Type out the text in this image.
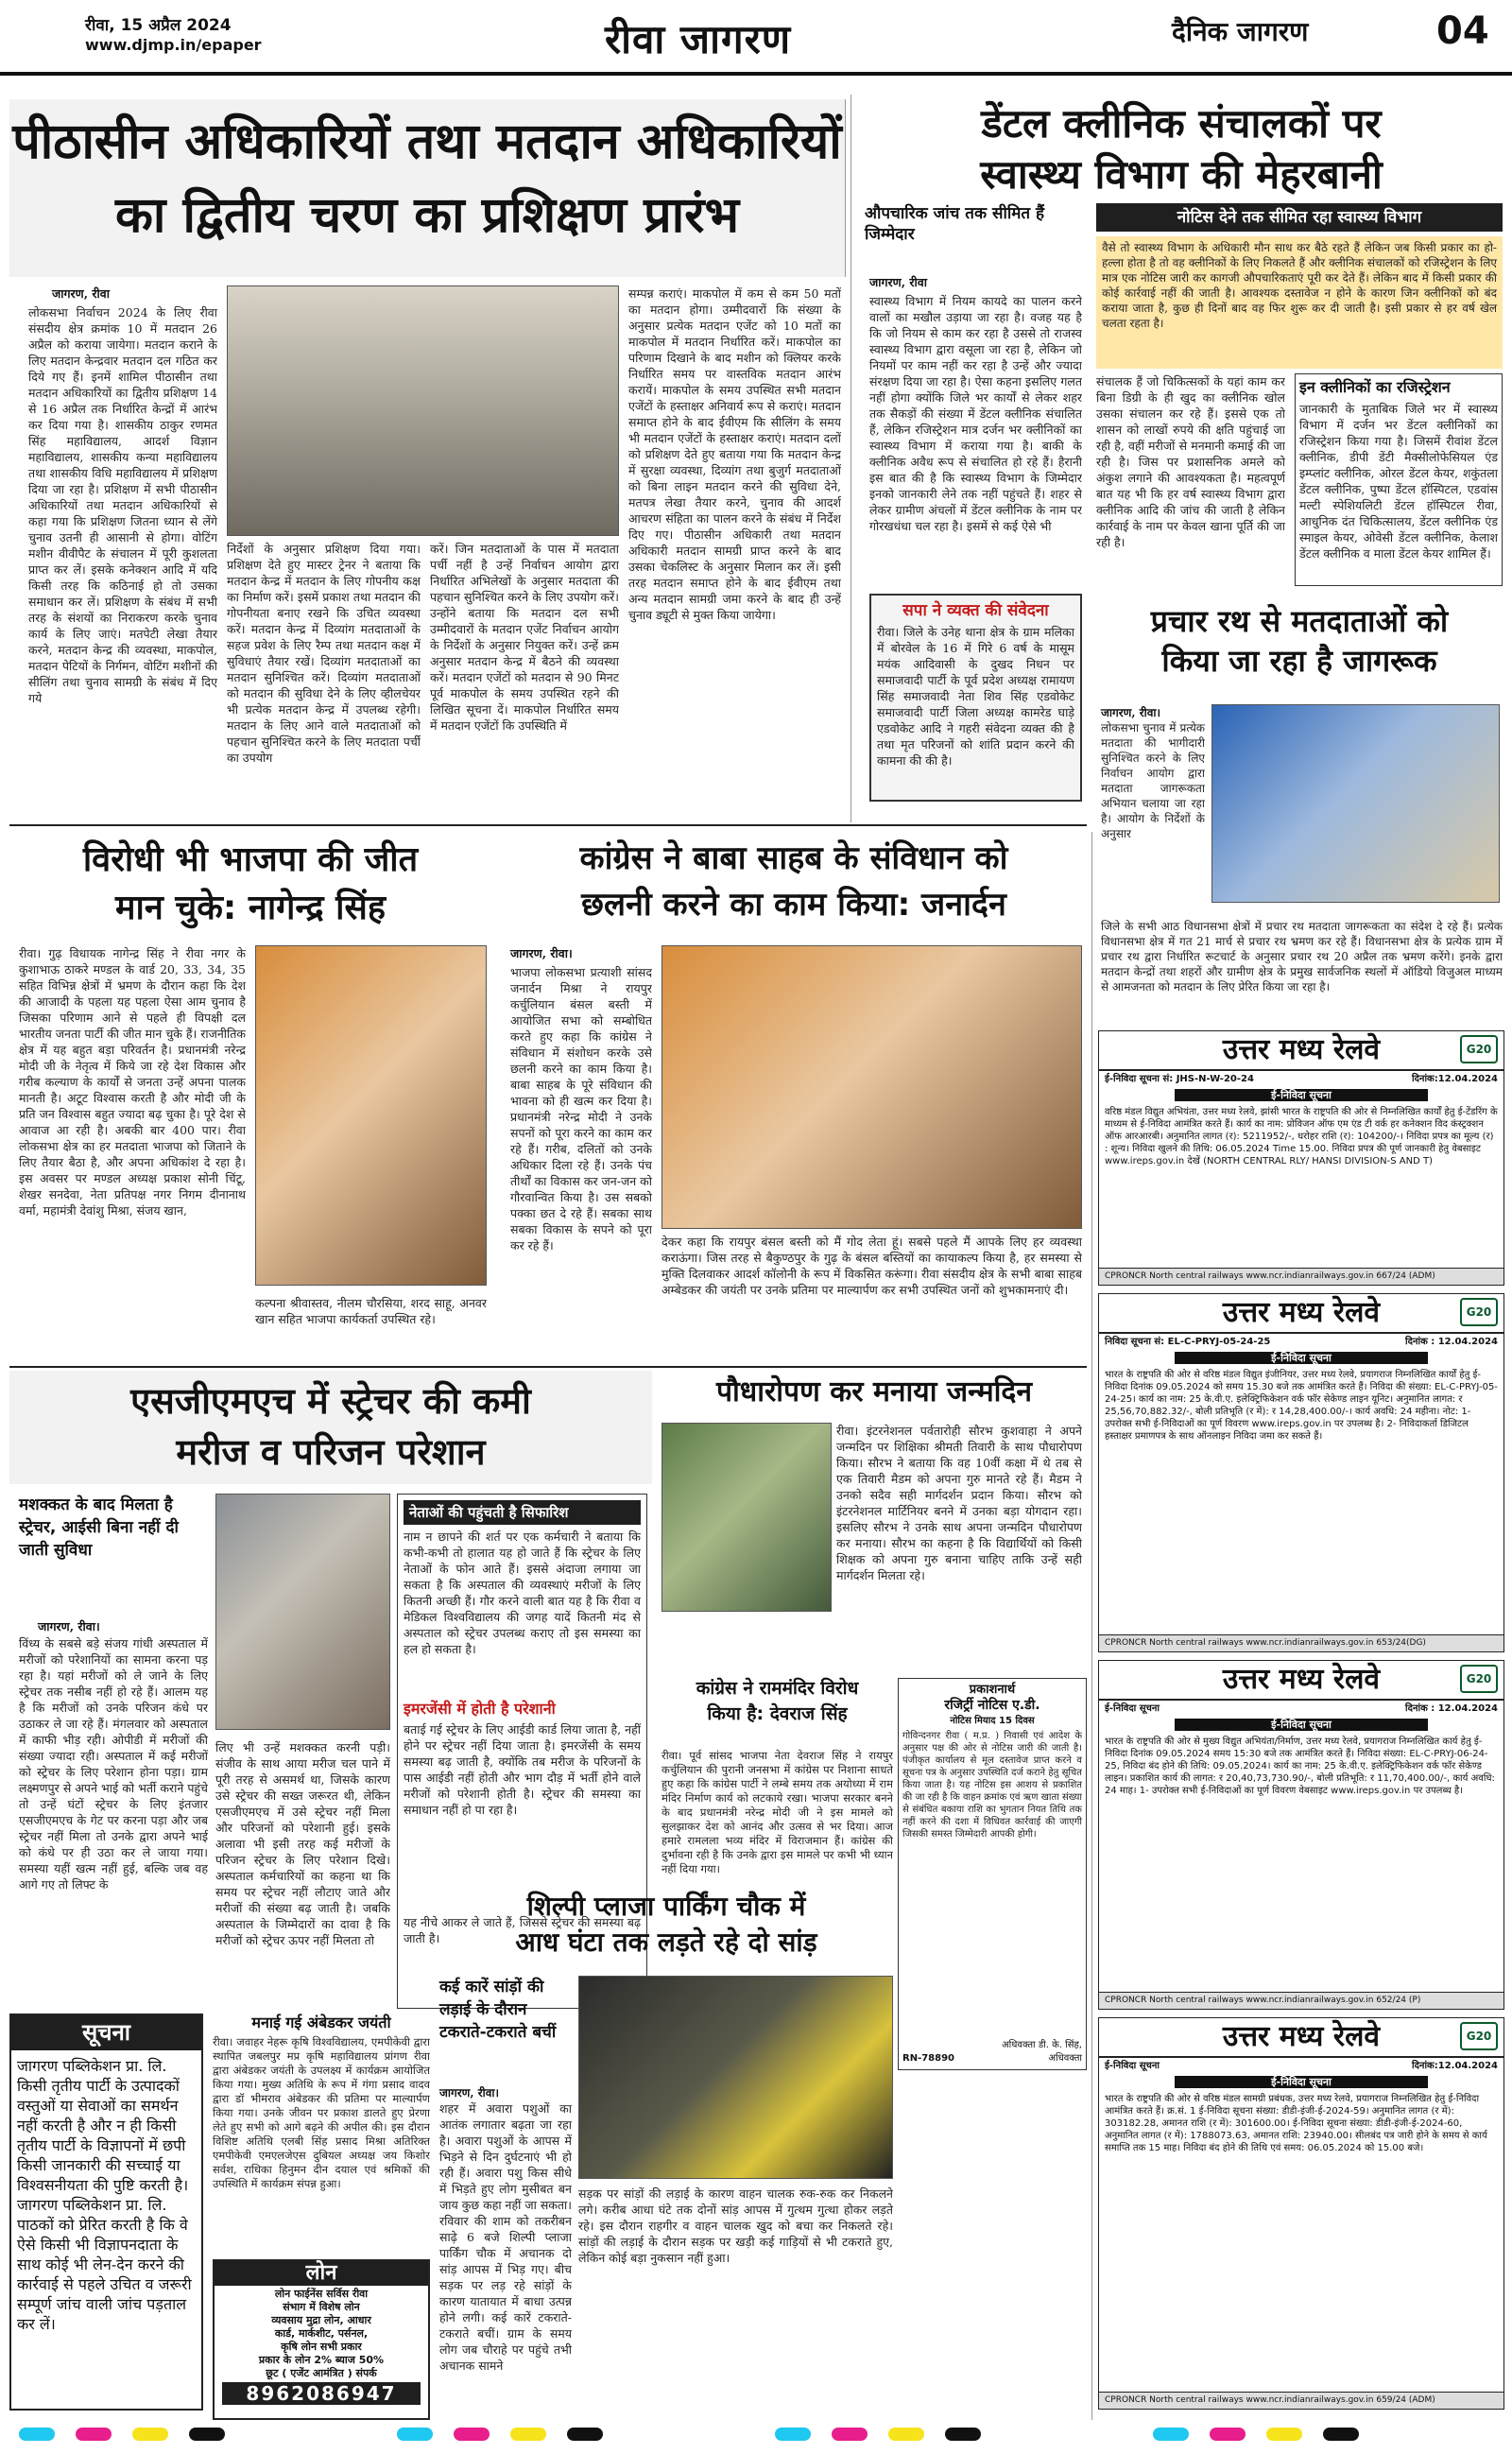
रीवा, 15 अप्रैल 2024
www.djmp.in/epaper	रीवा जागरण	दैनिक जागरण	04
पीठासीन अधिकारियों तथा मतदान अधिकारियों
का द्वितीय चरण का प्रशिक्षण प्रारंभ
जागरण, रीवा
लोकसभा निर्वाचन 2024 के लिए रीवा संसदीय क्षेत्र क्रमांक 10 में मतदान 26 अप्रैल को कराया जायेगा। मतदान कराने के लिए मतदान केन्द्रवार मतदान दल गठित कर दिये गए हैं। इनमें शामिल पीठासीन तथा मतदान अधिकारियों का द्वितीय प्रशिक्षण 14 से 16 अप्रैल तक निर्धारित केन्द्रों में आरंभ कर दिया गया है। शासकीय ठाकुर रणमत सिंह महाविद्यालय, आदर्श विज्ञान महाविद्यालय, शासकीय कन्या महाविद्यालय तथा शासकीय विधि महाविद्यालय में प्रशिक्षण दिया जा रहा है। प्रशिक्षण में सभी पीठासीन अधिकारियों तथा मतदान अधिकारियों से कहा गया कि प्रशिक्षण जितना ध्यान से लेंगे चुनाव उतनी ही आसानी से होगा। वोटिंग मशीन वीवीपैट के संचालन में पूरी कुशलता प्राप्त कर लें। इसके कनेक्शन आदि में यदि किसी तरह कि कठिनाई हो तो उसका समाधान कर लें। प्रशिक्षण के संबंध में सभी तरह के संशयों का निराकरण करके चुनाव कार्य के लिए जाएं। मतपेटी लेखा तैयार करने, मतदान केन्द्र की व्यवस्था, माकपोल, मतदान पेटियों के निर्गमन, वोटिंग मशीनों की सीलिंग तथा चुनाव सामग्री के संबंध में दिए गये
निर्देशों के अनुसार प्रशिक्षण दिया गया। प्रशिक्षण देते हुए मास्टर ट्रेनर ने बताया कि मतदान केन्द्र में मतदान के लिए गोपनीय कक्ष का निर्माण करें। इसमें प्रकाश तथा मतदान की गोपनीयता बनाए रखने कि उचित व्यवस्था करें। मतदान केन्द्र में दिव्यांग मतदाताओं के सहज प्रवेश के लिए रैम्प तथा मतदान कक्ष में सुविधाएं तैयार रखें। दिव्यांग मतदाताओं का मतदान सुनिश्चित करें। दिव्यांग मतदाताओं को मतदान की सुविधा देने के लिए व्हीलचेयर भी प्रत्येक मतदान केन्द्र में उपलब्ध रहेगी। मतदान के लिए आने वाले मतदाताओं को पहचान सुनिश्चित करने के लिए मतदाता पर्ची का उपयोग
करें। जिन मतदाताओं के पास में मतदाता पर्ची नहीं है उन्हें निर्वाचन आयोग द्वारा निर्धारित अभिलेखों के अनुसार मतदाता की पहचान सुनिश्चित करने के लिए उपयोग करें। उन्होंने बताया कि मतदान दल सभी उम्मीदवारों के मतदान एजेंट निर्वाचन आयोग के निर्देशों के अनुसार नियुक्त करें। उन्हें क्रम अनुसार मतदान केन्द्र में बैठने की व्यवस्था करें। मतदान एजेंटों को मतदान से 90 मिनट पूर्व माकपोल के समय उपस्थित रहने की लिखित सूचना दें। माकपोल निर्धारित समय में मतदान एजेंटों कि उपस्थिति में
सम्पन्न कराएं। माकपोल में कम से कम 50 मतों का मतदान होगा। उम्मीदवारों कि संख्या के अनुसार प्रत्येक मतदान एजेंट को 10 मतों का माकपोल में मतदान निर्धारित करें। माकपोल का परिणाम दिखाने के बाद मशीन को क्लियर करके निर्धारित समय पर वास्तविक मतदान आरंभ करायें। माकपोल के समय उपस्थित सभी मतदान एजेंटों के हस्ताक्षर अनिवार्य रूप से कराएं। मतदान समाप्त होने के बाद ईवीएम कि सीलिंग के समय भी मतदान एजेंटों के हस्ताक्षर कराएं। मतदान दलों को प्रशिक्षण देते हुए बताया गया कि मतदान केन्द्र में सुरक्षा व्यवस्था, दिव्यांग तथा बुजुर्ग मतदाताओं को बिना लाइन मतदान करने की सुविधा देने, मतपत्र लेखा तैयार करने, चुनाव की आदर्श आचरण संहिता का पालन करने के संबंध में निर्देश दिए गए। पीठासीन अधिकारी तथा मतदान अधिकारी मतदान सामग्री प्राप्त करने के बाद उसका चेकलिस्ट के अनुसार मिलान कर लें। इसी तरह मतदान समाप्त होने के बाद ईवीएम तथा अन्य मतदान सामग्री जमा करने के बाद ही उन्हें चुनाव ड्यूटी से मुक्त किया जायेगा।
डेंटल क्लीनिक संचालकों पर
स्वास्थ्य विभाग की मेहरबानी
औपचारिक जांच तक सीमित हैं जिम्मेदार
नोटिस देने तक सीमित रहा स्वास्थ्य विभाग
वैसे तो स्वास्थ्य विभाग के अधिकारी मौन साध कर बैठे रहते हैं लेकिन जब किसी प्रकार का हो-हल्ला होता है तो वह क्लीनिकों के लिए निकलते हैं और क्लीनिक संचालकों को रजिस्ट्रेशन के लिए मात्र एक नोटिस जारी कर कागजी औपचारिकताएं पूरी कर देते हैं। लेकिन बाद में किसी प्रकार की कोई कार्रवाई नहीं की जाती है। आवश्यक दस्तावेज न होने के कारण जिन क्लीनिकों को बंद कराया जाता है, कुछ ही दिनों बाद वह फिर शुरू कर दी जाती है। इसी प्रकार से हर वर्ष खेल चलता रहता है।
जागरण, रीवा
स्वास्थ्य विभाग में नियम कायदे का पालन करने वालों का मखौल उड़ाया जा रहा है। वजह यह है कि जो नियम से काम कर रहा है उससे तो राजस्व स्वास्थ्य विभाग द्वारा वसूला जा रहा है, लेकिन जो नियमों पर काम नहीं कर रहा है उन्हें और ज्यादा संरक्षण दिया जा रहा है। ऐसा कहना इसलिए गलत नहीं होगा क्योंकि जिले भर कार्यों से लेकर शहर तक सैकड़ों की संख्या में डेंटल क्लीनिक संचालित हैं, लेकिन रजिस्ट्रेशन मात्र दर्जन भर क्लीनिकों का स्वास्थ्य विभाग में कराया गया है। बाकी के क्लीनिक अवैध रूप से संचालित हो रहे हैं। हैरानी इस बात की है कि स्वास्थ्य विभाग के जिम्मेदार इनको जानकारी लेने तक नहीं पहुंचते हैं। शहर से लेकर ग्रामीण अंचलों में डेंटल क्लीनिक के नाम पर गोरखधंधा चल रहा है। इसमें से कई ऐसे भी
संचालक हैं जो चिकित्सकों के यहां काम कर बिना डिग्री के ही खुद का क्लीनिक खोल उसका संचालन कर रहे हैं। इससे एक तो शासन को लाखों रुपये की क्षति पहुंचाई जा रही है, वहीं मरीजों से मनमानी कमाई की जा रही है। जिस पर प्रशासनिक अमले को अंकुश लगाने की आवश्यकता है। महत्वपूर्ण बात यह भी कि हर वर्ष स्वास्थ्य विभाग द्वारा क्लीनिक आदि की जांच की जाती है लेकिन कार्रवाई के नाम पर केवल खाना पूर्ति की जा रही है।
इन क्लीनिकों का रजिस्ट्रेशन
जानकारी के मुताबिक जिले भर में स्वास्थ्य विभाग में दर्जन भर डेंटल क्लीनिकों का रजिस्ट्रेशन किया गया है। जिसमें रीवांश डेंटल क्लीनिक, डीपी डेंटी मैक्सीलोफेसियल एंड इम्प्लांट क्लीनिक, ओरल डेंटल केयर, शकुंतला डेंटल क्लीनिक, पुष्पा डेंटल हॉस्पिटल, एडवांस मल्टी स्पेशियलिटी डेंटल हॉस्पिटल रीवा, आधुनिक दंत चिकित्सालय, डेंटल क्लीनिक एंड स्माइल केयर, ओवेसी डेंटल क्लीनिक, केलाश डेंटल क्लीनिक व माला डेंटल केयर शामिल हैं।
सपा ने व्यक्त की संवेदना
रीवा। जिले के उनेह थाना क्षेत्र के ग्राम मलिका में बोरवेल के 16 में गिरे 6 वर्ष के मासूम मयंक आदिवासी के दुखद निधन पर समाजवादी पार्टी के पूर्व प्रदेश अध्यक्ष रामायण सिंह समाजवादी नेता शिव सिंह एडवोकेट समाजवादी पार्टी जिला अध्यक्ष कामरेड घाड़े एडवोकेट आदि ने गहरी संवेदना व्यक्त की है तथा मृत परिजनों को शांति प्रदान करने की कामना की की है।
प्रचार रथ से मतदाताओं को
किया जा रहा है जागरूक
जागरण, रीवा।
लोकसभा चुनाव में प्रत्येक मतदाता की भागीदारी सुनिश्चित करने के लिए निर्वाचन आयोग द्वारा मतदाता जागरूकता अभियान चलाया जा रहा है। आयोग के निर्देशों के अनुसार
जिले के सभी आठ विधानसभा क्षेत्रों में प्रचार रथ मतदाता जागरूकता का संदेश दे रहे हैं। प्रत्येक विधानसभा क्षेत्र में गत 21 मार्च से प्रचार रथ भ्रमण कर रहे हैं। विधानसभा क्षेत्र के प्रत्येक ग्राम में प्रचार रथ द्वारा निर्धारित रूटचार्ट के अनुसार प्रचार रथ 20 अप्रैल तक भ्रमण करेंगे। इनके द्वारा मतदान केन्द्रों तथा शहरों और ग्रामीण क्षेत्र के प्रमुख सार्वजनिक स्थलों में ऑडियो विजुअल माध्यम से आमजनता को मतदान के लिए प्रेरित किया जा रहा है।
विरोधी भी भाजपा की जीत
मान चुके: नागेन्द्र सिंह
रीवा। गुढ़ विधायक नागेन्द्र सिंह ने रीवा नगर के कुशाभाऊ ठाकरे मण्डल के वार्ड 20, 33, 34, 35 सहित विभिन्न क्षेत्रों में भ्रमण के दौरान कहा कि देश की आजादी के पहला यह पहला ऐसा आम चुनाव है जिसका परिणाम आने से पहले ही विपक्षी दल भारतीय जनता पार्टी की जीत मान चुके हैं। राजनीतिक क्षेत्र में यह बहुत बड़ा परिवर्तन है। प्रधानमंत्री नरेन्द्र मोदी जी के नेतृत्व में किये जा रहे देश विकास और गरीब कल्याण के कार्यों से जनता उन्हें अपना पालक मानती है। अटूट विश्वास करती है और मोदी जी के प्रति जन विश्वास बहुत ज्यादा बढ़ चुका है। पूरे देश से आवाज आ रही है। अबकी बार 400 पार। रीवा लोकसभा क्षेत्र का हर मतदाता भाजपा को जिताने के लिए तैयार बैठा है, और अपना अधिकांश दे रहा है। इस अवसर पर मण्डल अध्यक्ष प्रकाश सोनी चिंटू, शेखर सनदेवा, नेता प्रतिपक्ष नगर निगम दीनानाथ वर्मा, महामंत्री देवांशु मिश्रा, संजय खान,
कल्पना श्रीवास्तव, नीलम चौरसिया, शरद साहू, अनवर खान सहित भाजपा कार्यकर्ता उपस्थित रहे।
कांग्रेस ने बाबा साहब के संविधान को
छलनी करने का काम किया: जनार्दन
जागरण, रीवा।
भाजपा लोकसभा प्रत्याशी सांसद जनार्दन मिश्रा ने रायपुर कर्चुलियान बंसल बस्ती में आयोजित सभा को सम्बोधित करते हुए कहा कि कांग्रेस ने संविधान में संशोधन करके उसे छलनी करने का काम किया है। बाबा साहब के पूरे संविधान की भावना को ही खत्म कर दिया है। प्रधानमंत्री नरेन्द्र मोदी ने उनके सपनों को पूरा करने का काम कर रहे हैं। गरीब, दलितों को उनके अधिकार दिला रहे हैं। उनके पंच तीर्थों का विकास कर जन-जन को गौरवान्वित किया है। उस सबको पक्का छत दे रहे हैं। सबका साथ सबका विकास के सपने को पूरा कर रहे हैं।	देकर कहा कि रायपुर बंसल बस्ती को मैं गोद लेता हूं। सबसे पहले मैं आपके लिए हर व्यवस्था कराऊंगा। जिस तरह से बैकुण्ठपुर के गुढ़ के बंसल बस्तियों का कायाकल्प किया है, हर समस्या से मुक्ति दिलवाकर आदर्श कॉलोनी के रूप में विकसित करूंगा। रीवा संसदीय क्षेत्र के सभी बाबा साहब अम्बेडकर की जयंती पर उनके प्रतिमा पर माल्यार्पण कर सभी उपस्थित जनों को शुभकामनाएं दी।
एसजीएमएच में स्ट्रेचर की कमी
मरीज व परिजन परेशान
मशक्कत के बाद मिलता है स्ट्रेचर, आईसी बिना नहीं दी जाती सुविधा
जागरण, रीवा।
विंध्य के सबसे बड़े संजय गांधी अस्पताल में मरीजों को परेशानियों का सामना करना पड़ रहा है। यहां मरीजों को ले जाने के लिए स्ट्रेचर तक नसीब नहीं हो रहे हैं। आलम यह है कि मरीजों को उनके परिजन कंधे पर उठाकर ले जा रहे हैं। मंगलवार को अस्पताल में काफी भीड़ रही। ओपीडी में मरीजों की संख्या ज्यादा रही। अस्पताल में कई मरीजों को स्ट्रेचर के लिए परेशान होना पड़ा। ग्राम लक्ष्मणपुर से अपने भाई को भर्ती कराने पहुंचे तो उन्हें घंटों स्ट्रेचर के लिए इंतजार एसजीएमएच के गेट पर करना पड़ा और जब स्ट्रेचर नहीं मिला तो उनके द्वारा अपने भाई को कंधे पर ही उठा कर ले जाया गया। समस्या यहीं खत्म नहीं हुई, बल्कि जब वह आगे गए तो लिफ्ट के
लिए भी उन्हें मशक्कत करनी पड़ी। संजीव के साथ आया मरीज चल पाने में पूरी तरह से असमर्थ था, जिसके कारण उसे स्ट्रेचर की सख्त जरूरत थी, लेकिन एसजीएमएच में उसे स्ट्रेचर नहीं मिला और परिजनों को परेशानी हुई। इसके अलावा भी इसी तरह कई मरीजों के परिजन स्ट्रेचर के लिए परेशान दिखे। अस्पताल कर्मचारियों का कहना था कि समय पर स्ट्रेचर नहीं लौटाए जाते और मरीजों की संख्या बढ़ जाती है। जबकि अस्पताल के जिम्मेदारों का दावा है कि मरीजों को स्ट्रेचर ऊपर नहीं मिलता तो
नेताओं की पहुंचती है सिफारिश
नाम न छापने की शर्त पर एक कर्मचारी ने बताया कि कभी-कभी तो हालात यह हो जाते हैं कि स्ट्रेचर के लिए नेताओं के फोन आते हैं। इससे अंदाजा लगाया जा सकता है कि अस्पताल की व्यवस्थाएं मरीजों के लिए कितनी अच्छी हैं। गौर करने वाली बात यह है कि रीवा व मेडिकल विश्वविद्यालय की जगह यादें कितनी मंद से अस्पताल को स्ट्रेचर उपलब्ध कराए तो इस समस्या का हल हो सकता है।
इमरजेंसी में होती है परेशानी
बताई गई स्ट्रेचर के लिए आईडी कार्ड लिया जाता है, नहीं होने पर स्ट्रेचर नहीं दिया जाता है। इमरजेंसी के समय समस्या बढ़ जाती है, क्योंकि तब मरीज के परिजनों के पास आईडी नहीं होती और भाग दौड़ में भर्ती होने वाले मरीजों को परेशानी होती है। स्ट्रेचर की समस्या का समाधान नहीं हो पा रहा है।
यह नीचे आकर ले जाते हैं, जिससे स्ट्रेचर की समस्या बढ़ जाती है।
सूचना
जागरण पब्लिकेशन प्रा. लि. किसी तृतीय पार्टी के उत्पादकों वस्तुओं या सेवाओं का समर्थन नहीं करती है और न ही किसी तृतीय पार्टी के विज्ञापनों में छपी किसी जानकारी की सच्चाई या विश्वसनीयता की पुष्टि करती है। जागरण पब्लिकेशन प्रा. लि. पाठकों को प्रेरित करती है कि वे ऐसे किसी भी विज्ञापनदाता के साथ कोई भी लेन-देन करने की कार्रवाई से पहले उचित व जरूरी सम्पूर्ण जांच वाली जांच पड़ताल कर लें।
मनाई गई अंबेडकर जयंती
रीवा। जवाहर नेहरू कृषि विश्वविद्यालय, एमपीकेवी द्वारा स्थापित जबलपुर मप्र कृषि महाविद्यालय प्रांगण रीवा द्वारा अंबेडकर जयंती के उपलक्ष्य में कार्यक्रम आयोजित किया गया। मुख्य अतिथि के रूप में गंगा प्रसाद वादव द्वारा डॉ भीमराव अंबेडकर की प्रतिमा पर माल्यार्पण किया गया। उनके जीवन पर प्रकाश डालते हुए प्रेरणा लेते हुए सभी को आगे बढ़ने की अपील की। इस दौरान विशिष्ट अतिथि एलबी सिंह प्रसाद मिश्रा अतिरिक्त एमपीकेवी एमएलजेएस दुबियल अध्यक्ष जय किशोर सर्वश, राधिका हिनुमन दीन दयाल एवं श्रमिकों की उपस्थिति में कार्यक्रम संपन्न हुआ।
लोन
लोन फाईनेंस सर्विस रीवा
संभाग में विशेष लोन
व्यवसाय मुद्रा लोन, आधार
कार्ड, मार्कशीट, पर्सनल,
कृषि लोन सभी प्रकार
प्रकार के लोन 2% ब्याज 50%
छूट ( एजेंट आमंत्रित ) संपर्क
8962086947
पौधारोपण कर मनाया जन्मदिन
रीवा। इंटरनेशनल पर्वतारोही सौरभ कुशवाहा ने अपने जन्मदिन पर शिक्षिका श्रीमती तिवारी के साथ पौधारोपण किया। सौरभ ने बताया कि वह 10वीं कक्षा में थे तब से एक तिवारी मैडम को अपना गुरु मानते रहे हैं। मैडम ने उनको सदैव सही मार्गदर्शन प्रदान किया। सौरभ को इंटरनेशनल मार्टिनियर बनने में उनका बड़ा योगदान रहा। इसलिए सौरभ ने उनके साथ अपना जन्मदिन पौधारोपण कर मनाया। सौरभ का कहना है कि विद्यार्थियों को किसी शिक्षक को अपना गुरु बनाना चाहिए ताकि उन्हें सही मार्गदर्शन मिलता रहे।
कांग्रेस ने राममंदिर विरोध
किया है: देवराज सिंह
रीवा। पूर्व सांसद भाजपा नेता देवराज सिंह ने रायपुर कर्चुलियान की पुरानी जनसभा में कांग्रेस पर निशाना साधते हुए कहा कि कांग्रेस पार्टी ने लम्बे समय तक अयोध्या में राम मंदिर निर्माण कार्य को लटकाये रखा। भाजपा सरकार बनने के बाद प्रधानमंत्री नरेन्द्र मोदी जी ने इस मामले को सुलझाकर देश को आनंद और उत्सव से भर दिया। आज हमारे रामलला भव्य मंदिर में विराजमान हैं। कांग्रेस की दुर्भावना रही है कि उनके द्वारा इस मामले पर कभी भी ध्यान नहीं दिया गया।
प्रकाशनार्थ
रजिर्ट्री नोटिस ए.डी.
नोटिस मियाद 15 दिवस
गोविन्दनगर रीवा ( म.प्र. ) निवासी एवं आदेश के अनुसार पक्ष की ओर से नोटिस जारी की जाती है। पंजीकृत कार्यालय से मूल दस्तावेज प्राप्त करने व सूचना पत्र के अनुसार उपस्थिति दर्ज कराने हेतु सूचित किया जाता है। यह नोटिस इस आशय से प्रकाशित की जा रही है कि वाहन क्रमांक एवं ऋण खाता संख्या से संबंधित बकाया राशि का भुगतान नियत तिथि तक नहीं करने की दशा में विधिवत कार्रवाई की जाएगी जिसकी समस्त जिम्मेदारी आपकी होगी।
RN-78890
अधिवक्ता डी. के. सिंह, अधिवक्ता
शिल्पी प्लाजा पार्किंग चौक में
आध घंटा तक लड़ते रहे दो सांड़
कई कारें सांड़ों की लड़ाई के दौरान टकराते-टकराते बचीं
जागरण, रीवा।
शहर में अवारा पशुओं का आतंक लगातार बढ़ता जा रहा है। अवारा पशुओं के आपस में भिड़ने से दिन दुर्घटनाएं भी हो रही हैं। अवारा पशु किस सीधे में भिड़ते हुए लोग मुसीबत बन जाय कुछ कहा नहीं जा सकता। रविवार की शाम को तकरीबन साढ़े 6 बजे शिल्पी प्लाजा पार्किंग चौक में अचानक दो सांड़ आपस में भिड़ गए। बीच सड़क पर लड़ रहे सांड़ों के कारण यातायात में बाधा उत्पन्न होने लगी। कई कारें टकराते-टकराते बचीं। ग्राम के समय लोग जब चौराहे पर पहुंचे तभी अचानक सामने
सड़क पर सांड़ों की लड़ाई के कारण वाहन चालक रुक-रुक कर निकलने लगे। करीब आधा घंटे तक दोनों सांड़ आपस में गुत्थम गुत्था होकर लड़ते रहे। इस दौरान राहगीर व वाहन चालक खुद को बचा कर निकलते रहे। सांड़ों की लड़ाई के दौरान सड़क पर खड़ी कई गाड़ियों से भी टकराते हुए, लेकिन कोई बड़ा नुकसान नहीं हुआ।
उत्तर मध्य रेलवे	G20
ई-निविदा सूचना सं: JHS-N-W-20-24	दिनांक:12.04.2024
ई-निविदा सूचना
वरिष्ठ मंडल विद्युत अभियंता, उत्तर मध्य रेलवे, झांसी भारत के राष्ट्रपति की ओर से निम्नलिखित कार्यों हेतु ई-टेंडरिंग के माध्यम से ई-निविदा आमंत्रित करते हैं। कार्य का नाम: प्रोविजन ऑफ एम एंड टी वर्क हर कनेक्शन विद कंस्ट्रक्शन ऑफ आरआरबी। अनुमानित लागत (र): 5211952/-, धरोहर राशि (र): 104200/-। निविदा प्रपत्र का मूल्य (र) : शून्य। निविदा खुलने की तिथि: 06.05.2024 Time 15.00. निविदा प्रपत्र की पूर्ण जानकारी हेतु वेबसाइट www.ireps.gov.in देखें (NORTH CENTRAL RLY/ HANSI DIVISION-S AND T)
CPRONCR North central railways www.ncr.indianrailways.gov.in 667/24 (ADM)
उत्तर मध्य रेलवे	G20
निविदा सूचना सं: EL-C-PRYJ-05-24-25	दिनांक : 12.04.2024
ई-निविदा सूचना
भारत के राष्ट्रपति की ओर से वरिष्ठ मंडल विद्युत इंजीनियर, उत्तर मध्य रेलवे, प्रयागराज निम्नलिखित कार्यों हेतु ई-निविदा दिनांक 09.05.2024 को समय 15.30 बजे तक आमंत्रित करते हैं। निविदा की संख्या: EL-C-PRYJ-05-24-25। कार्य का नाम: 25 के.वी.ए. इलेक्ट्रिफिकेशन वर्क फॉर सेकेण्ड लाइन यूनिट। अनुमानित लागत: र 25,56,70,882.32/-, बोली प्रतिभूति (र में): र 14,28,400.00/-। कार्य अवधि: 24 महीना। नोट: 1- उपरोक्त सभी ई-निविदाओं का पूर्ण विवरण www.ireps.gov.in पर उपलब्ध है। 2- निविदाकर्ता डिजिटल हस्ताक्षर प्रमाणपत्र के साथ ऑनलाइन निविदा जमा कर सकते हैं।
CPRONCR North central railways www.ncr.indianrailways.gov.in 653/24(DG)
उत्तर मध्य रेलवे	G20
ई-निविदा सूचना	दिनांक : 12.04.2024
ई-निविदा सूचना
भारत के राष्ट्रपति की ओर से मुख्य विद्युत अभियंता/निर्माण, उत्तर मध्य रेलवे, प्रयागराज निम्नलिखित कार्य हेतु ई-निविदा दिनांक 09.05.2024 समय 15:30 बजे तक आमंत्रित करते हैं। निविदा संख्या: EL-C-PRYJ-06-24-25, निविदा बंद होने की तिथि: 09.05.2024। कार्य का नाम: 25 के.वी.ए. इलेक्ट्रिफिकेशन वर्क फॉर सेकेण्ड लाइन। प्रकाशित कार्य की लागत: र 20,40,73,730.90/-, बोली प्रतिभूति: र 11,70,400.00/-, कार्य अवधि: 24 माह। 1- उपरोक्त सभी ई-निविदाओं का पूर्ण विवरण वेबसाइट www.ireps.gov.in पर उपलब्ध है।
CPRONCR North central railways www.ncr.indianrailways.gov.in 652/24 (P)
उत्तर मध्य रेलवे	G20
ई-निविदा सूचना	दिनांक:12.04.2024
ई-निविदा सूचना
भारत के राष्ट्रपति की ओर से वरिष्ठ मंडल सामग्री प्रबंधक, उत्तर मध्य रेलवे, प्रयागराज निम्नलिखित हेतु ई-निविदा आमंत्रित करते हैं। क्र.सं. 1 ई-निविदा सूचना संख्या: डीडी-इंजी-ई-2024-59। अनुमानित लागत (र में): 303182.28, अमानत राशि (र में): 301600.00। ई-निविदा सूचना संख्या: डीडी-इंजी-ई-2024-60, अनुमानित लागत (र में): 1788073.63, अमानत राशि: 23940.00। सीलबंद पत्र जारी होने के समय से कार्य समाप्ति तक 15 माह। निविदा बंद होने की तिथि एवं समय: 06.05.2024 को 15.00 बजे।
CPRONCR North central railways www.ncr.indianrailways.gov.in 659/24 (ADM)
